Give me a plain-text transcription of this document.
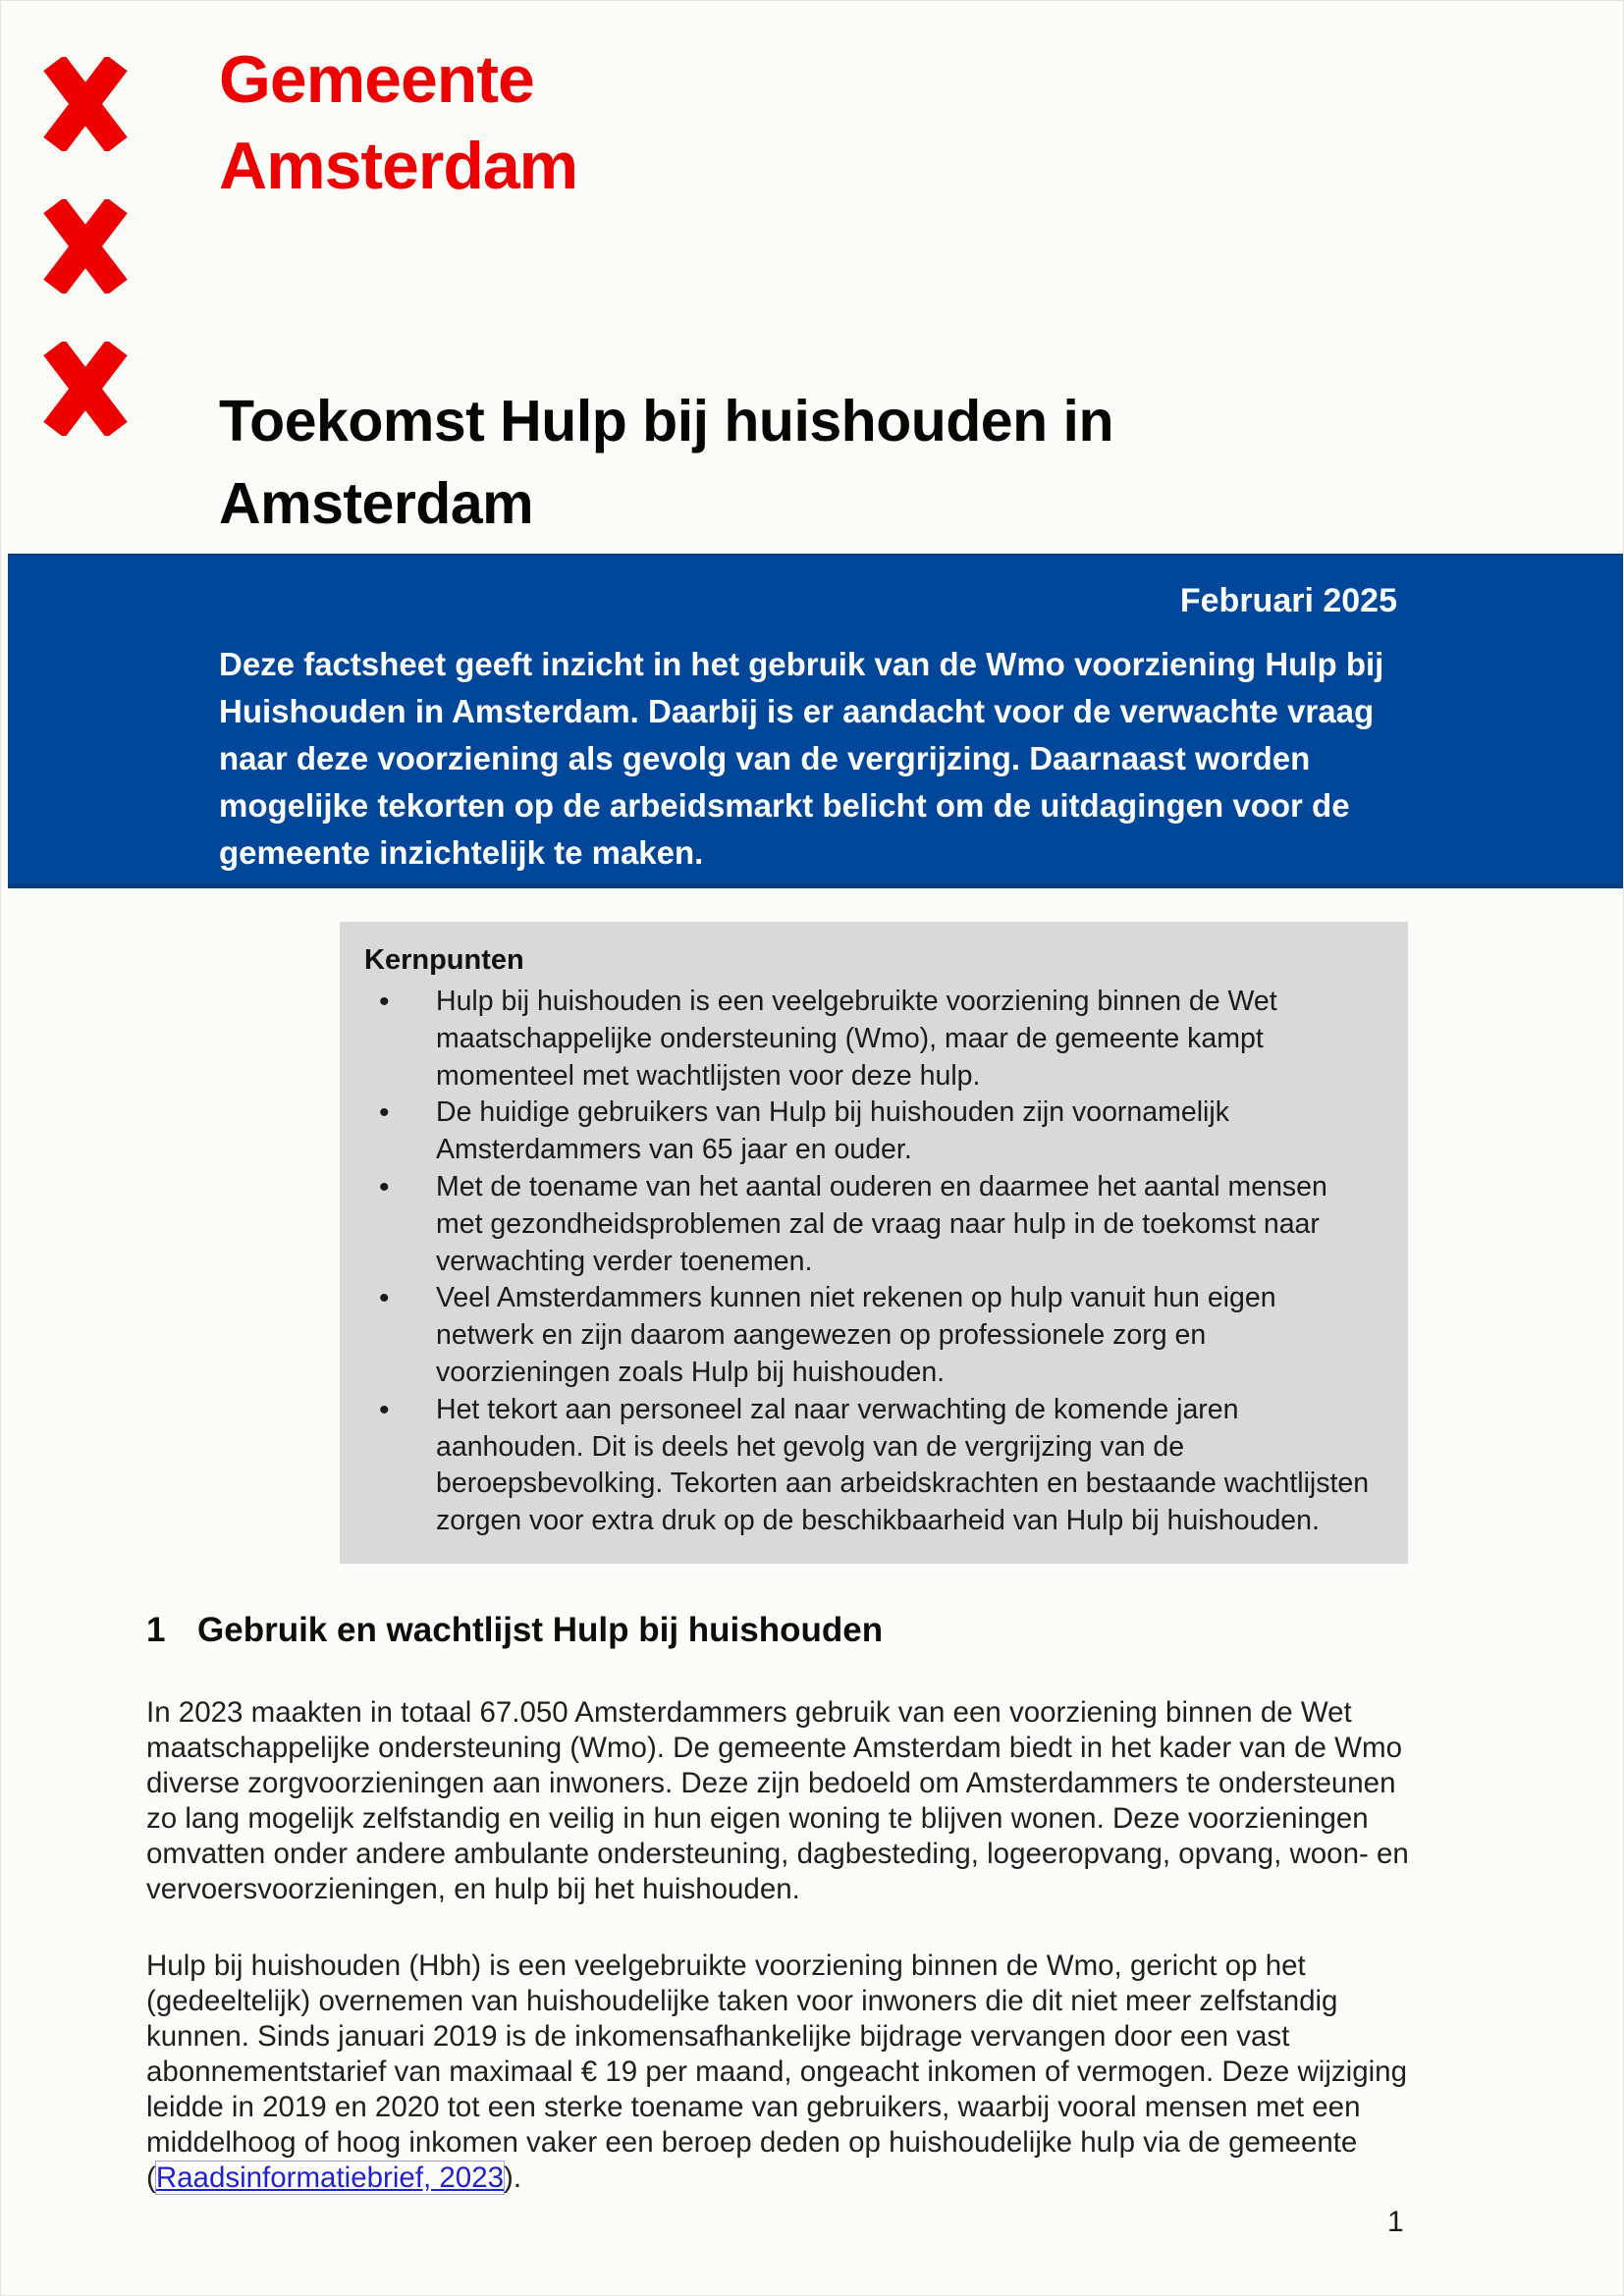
Gemeente
Amsterdam
Toekomst Hulp bij huishouden in
Amsterdam
Februari 2025

Deze factsheet geeft inzicht in het gebruik van de Wmo voorziening Hulp bij Huishouden in Amsterdam. Daarbij is er aandacht voor de verwachte vraag naar deze voorziening als gevolg van de vergrijzing. Daarnaast worden mogelijke tekorten op de arbeidsmarkt belicht om de uitdagingen voor de gemeente inzichtelijk te maken.

Kernpunten
• Hulp bij huishouden is een veelgebruikte voorziening binnen de Wet maatschappelijke ondersteuning (Wmo), maar de gemeente kampt momenteel met wachtlijsten voor deze hulp.
• De huidige gebruikers van Hulp bij huishouden zijn voornamelijk Amsterdammers van 65 jaar en ouder.
• Met de toename van het aantal ouderen en daarmee het aantal mensen met gezondheidsproblemen zal de vraag naar hulp in de toekomst naar verwachting verder toenemen.
• Veel Amsterdammers kunnen niet rekenen op hulp vanuit hun eigen netwerk en zijn daarom aangewezen op professionele zorg en voorzieningen zoals Hulp bij huishouden.
• Het tekort aan personeel zal naar verwachting de komende jaren aanhouden. Dit is deels het gevolg van de vergrijzing van de beroepsbevolking. Tekorten aan arbeidskrachten en bestaande wachtlijsten zorgen voor extra druk op de beschikbaarheid van Hulp bij huishouden.
1 Gebruik en wachtlijst Hulp bij huishouden

In 2023 maakten in totaal 67.050 Amsterdammers gebruik van een voorziening binnen de Wet maatschappelijke ondersteuning (Wmo). De gemeente Amsterdam biedt in het kader van de Wmo diverse zorgvoorzieningen aan inwoners. Deze zijn bedoeld om Amsterdammers te ondersteunen zo lang mogelijk zelfstandig en veilig in hun eigen woning te blijven wonen. Deze voorzieningen omvatten onder andere ambulante ondersteuning, dagbesteding, logeeropvang, opvang, woon- en vervoersvoorzieningen, en hulp bij het huishouden.

Hulp bij huishouden (Hbh) is een veelgebruikte voorziening binnen de Wmo, gericht op het (gedeeltelijk) overnemen van huishoudelijke taken voor inwoners die dit niet meer zelfstandig kunnen. Sinds januari 2019 is de inkomensafhankelijke bijdrage vervangen door een vast abonnementstarief van maximaal € 19 per maand, ongeacht inkomen of vermogen. Deze wijziging leidde in 2019 en 2020 tot een sterke toename van gebruikers, waarbij vooral mensen met een middelhoog of hoog inkomen vaker een beroep deden op huishoudelijke hulp via de gemeente (Raadsinformatiebrief, 2023).

1
